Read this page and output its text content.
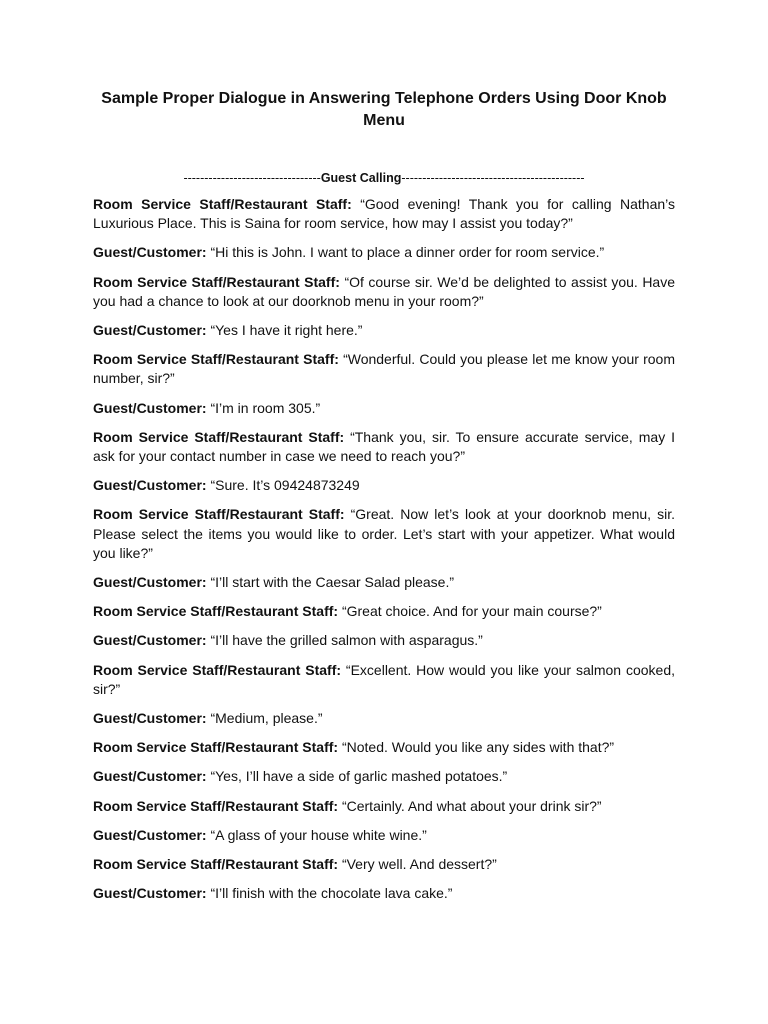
Sample Proper Dialogue in Answering Telephone Orders Using Door Knob Menu
---------------------------------Guest Calling--------------------------------------------

Room Service Staff/Restaurant Staff: “Good evening! Thank you for calling Nathan’s Luxurious Place. This is Saina for room service, how may I assist you today?”

Guest/Customer: “Hi this is John. I want to place a dinner order for room service.”

Room Service Staff/Restaurant Staff: “Of course sir. We’d be delighted to assist you. Have you had a chance to look at our doorknob menu in your room?”

Guest/Customer: “Yes I have it right here.”

Room Service Staff/Restaurant Staff: “Wonderful. Could you please let me know your room number, sir?”

Guest/Customer: “I’m in room 305.”

Room Service Staff/Restaurant Staff: “Thank you, sir. To ensure accurate service, may I ask for your contact number in case we need to reach you?”

Guest/Customer: “Sure. It’s 09424873249

Room Service Staff/Restaurant Staff: “Great. Now let’s look at your doorknob menu, sir. Please select the items you would like to order. Let’s start with your appetizer. What would you like?”

Guest/Customer: “I’ll start with the Caesar Salad please.”

Room Service Staff/Restaurant Staff: “Great choice. And for your main course?”

Guest/Customer: “I’ll have the grilled salmon with asparagus.”

Room Service Staff/Restaurant Staff: “Excellent. How would you like your salmon cooked, sir?”

Guest/Customer: “Medium, please.”

Room Service Staff/Restaurant Staff: “Noted. Would you like any sides with that?”

Guest/Customer: “Yes, I’ll have a side of garlic mashed potatoes.”

Room Service Staff/Restaurant Staff: “Certainly. And what about your drink sir?”

Guest/Customer: “A glass of your house white wine.”

Room Service Staff/Restaurant Staff: “Very well. And dessert?”

Guest/Customer: “I’ll finish with the chocolate lava cake.”
